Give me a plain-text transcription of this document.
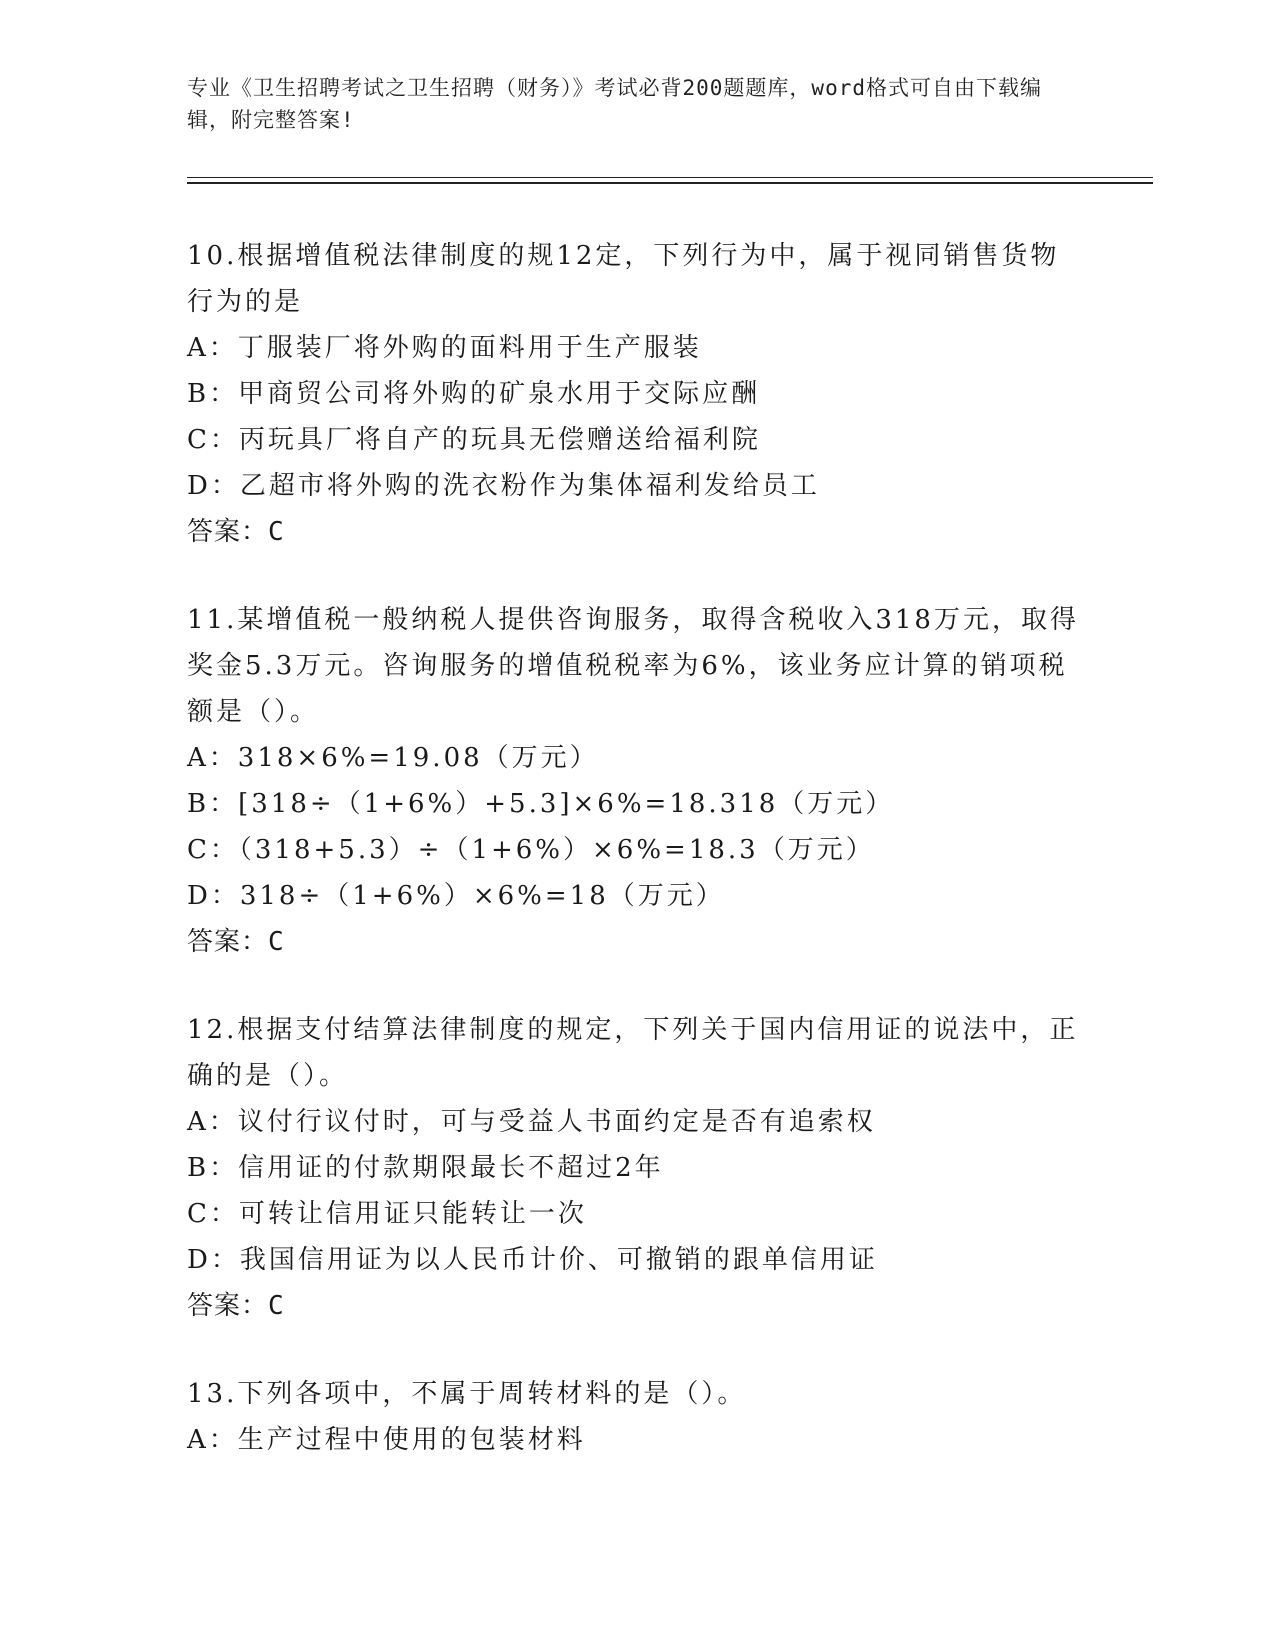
专业《卫生招聘考试之卫生招聘（财务）》考试必背200题题库，word格式可自由下载编辑，附完整答案!
10.根据增值税法律制度的规12定，下列行为中，属于视同销售货物行为的是
A：丁服装厂将外购的面料用于生产服装
B：甲商贸公司将外购的矿泉水用于交际应酬
C：丙玩具厂将自产的玩具无偿赠送给福利院
D：乙超市将外购的洗衣粉作为集体福利发给员工
答案：C
11.某增值税一般纳税人提供咨询服务，取得含税收入318万元，取得奖金5.3万元。咨询服务的增值税税率为6%，该业务应计算的销项税额是（）。
A：318×6%=19.08（万元）
B：[318÷（1+6%）+5.3]×6%=18.318（万元）
C：（318+5.3）÷（1+6%）×6%=18.3（万元）
D：318÷（1+6%）×6%=18（万元）
答案：C
12.根据支付结算法律制度的规定，下列关于国内信用证的说法中，正确的是（）。
A：议付行议付时，可与受益人书面约定是否有追索权
B：信用证的付款期限最长不超过2年
C：可转让信用证只能转让一次
D：我国信用证为以人民币计价、可撤销的跟单信用证
答案：C
13.下列各项中，不属于周转材料的是（）。
A：生产过程中使用的包装材料
